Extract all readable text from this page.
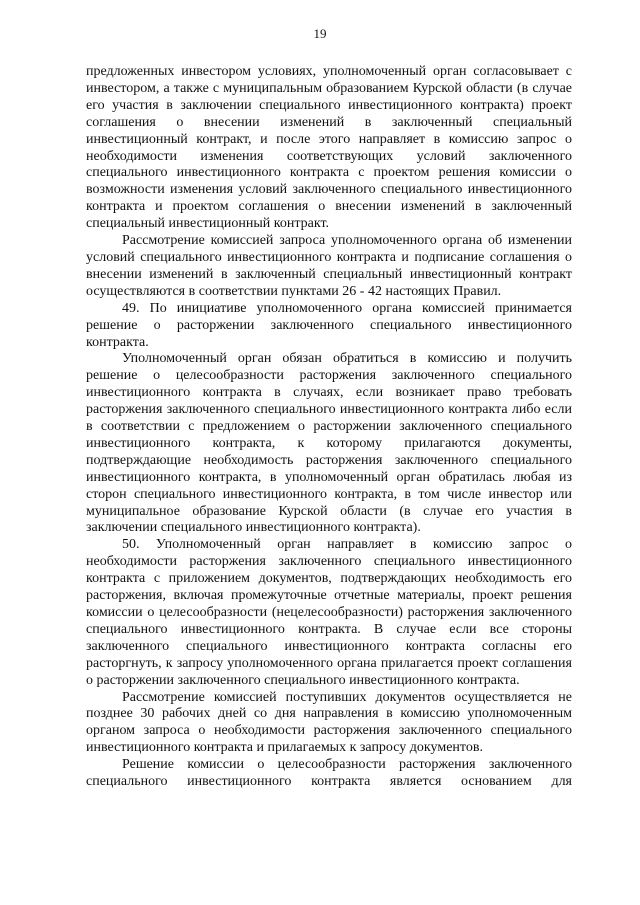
19

предложенных инвестором условиях, уполномоченный орган согласовывает с инвестором, а также с муниципальным образованием Курской области (в случае его участия в заключении специального инвестиционного контракта) проект соглашения о внесении изменений в заключенный специальный инвестиционный контракт, и после этого направляет в комиссию запрос о необходимости изменения соответствующих условий заключенного специального инвестиционного контракта с проектом решения комиссии о возможности изменения условий заключенного специального инвестиционного контракта и проектом соглашения о внесении изменений в заключенный специальный инвестиционный контракт.

Рассмотрение комиссией запроса уполномоченного органа об изменении условий специального инвестиционного контракта и подписание соглашения о внесении изменений в заключенный специальный инвестиционный контракт осуществляются в соответствии пунктами 26 - 42 настоящих Правил.

49. По инициативе уполномоченного органа комиссией принимается решение о расторжении заключенного специального инвестиционного контракта.

Уполномоченный орган обязан обратиться в комиссию и получить решение о целесообразности расторжения заключенного специального инвестиционного контракта в случаях, если возникает право требовать расторжения заключенного специального инвестиционного контракта либо если в соответствии с предложением о расторжении заключенного специального инвестиционного контракта, к которому прилагаются документы, подтверждающие необходимость расторжения заключенного специального инвестиционного контракта, в уполномоченный орган обратилась любая из сторон специального инвестиционного контракта, в том числе инвестор или муниципальное образование Курской области (в случае его участия в заключении специального инвестиционного контракта).

50. Уполномоченный орган направляет в комиссию запрос о необходимости расторжения заключенного специального инвестиционного контракта с приложением документов, подтверждающих необходимость его расторжения, включая промежуточные отчетные материалы, проект решения комиссии о целесообразности (нецелесообразности) расторжения заключенного специального инвестиционного контракта. В случае если все стороны заключенного специального инвестиционного контракта согласны его расторгнуть, к запросу уполномоченного органа прилагается проект соглашения о расторжении заключенного специального инвестиционного контракта.

Рассмотрение комиссией поступивших документов осуществляется не позднее 30 рабочих дней со дня направления в комиссию уполномоченным органом запроса о необходимости расторжения заключенного специального инвестиционного контракта и прилагаемых к запросу документов.

Решение комиссии о целесообразности расторжения заключенного специального инвестиционного контракта является основанием для
